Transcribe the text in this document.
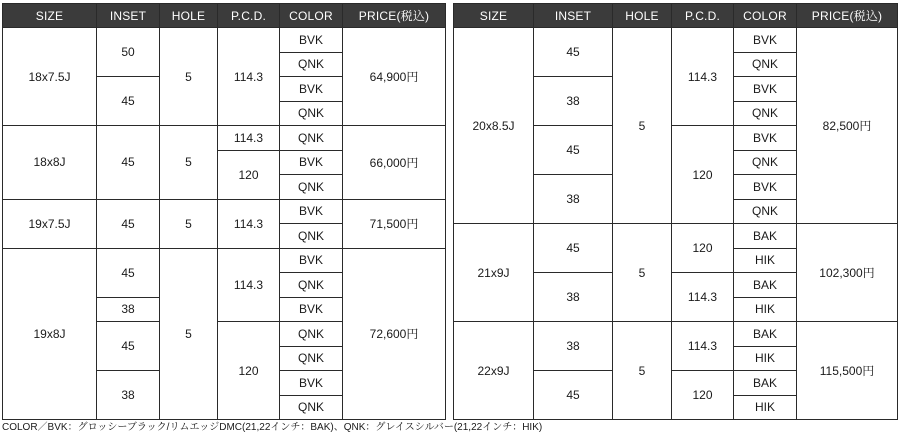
SIZE	INSET	HOLE	P.C.D.	COLOR	PRICE(税込)
18x7.5J	50	5	114.3	BVK	64,900円
				QNK	
	45			BVK	
				QNK	
18x8J	45	5	114.3	QNK	66,000円
			120	BVK	
				QNK	
19x7.5J	45	5	114.3	BVK	71,500円
				QNK	
19x8J	45	5	114.3	BVK	72,600円
				QNK	
	38			BVK	
	45		120	QNK	
				QNK	
	38			BVK	
				QNK	
SIZE	INSET	HOLE	P.C.D.	COLOR	PRICE(税込)
20x8.5J	45	5	114.3	BVK	82,500円
				QNK	
	38			BVK	
				QNK	
	45		120	BVK	
				QNK	
	38			BVK	
				QNK	
21x9J	45	5	120	BAK	102,300円
				HIK	
	38		114.3	BAK	
				HIK	
22x9J	38	5	114.3	BAK	115,500円
				HIK	
	45		120	BAK	
				HIK	
COLOR／BVK：グロッシーブラック/リムエッジDMC(21,22インチ：BAK)、QNK：グレイスシルバー(21,22インチ：HIK)
